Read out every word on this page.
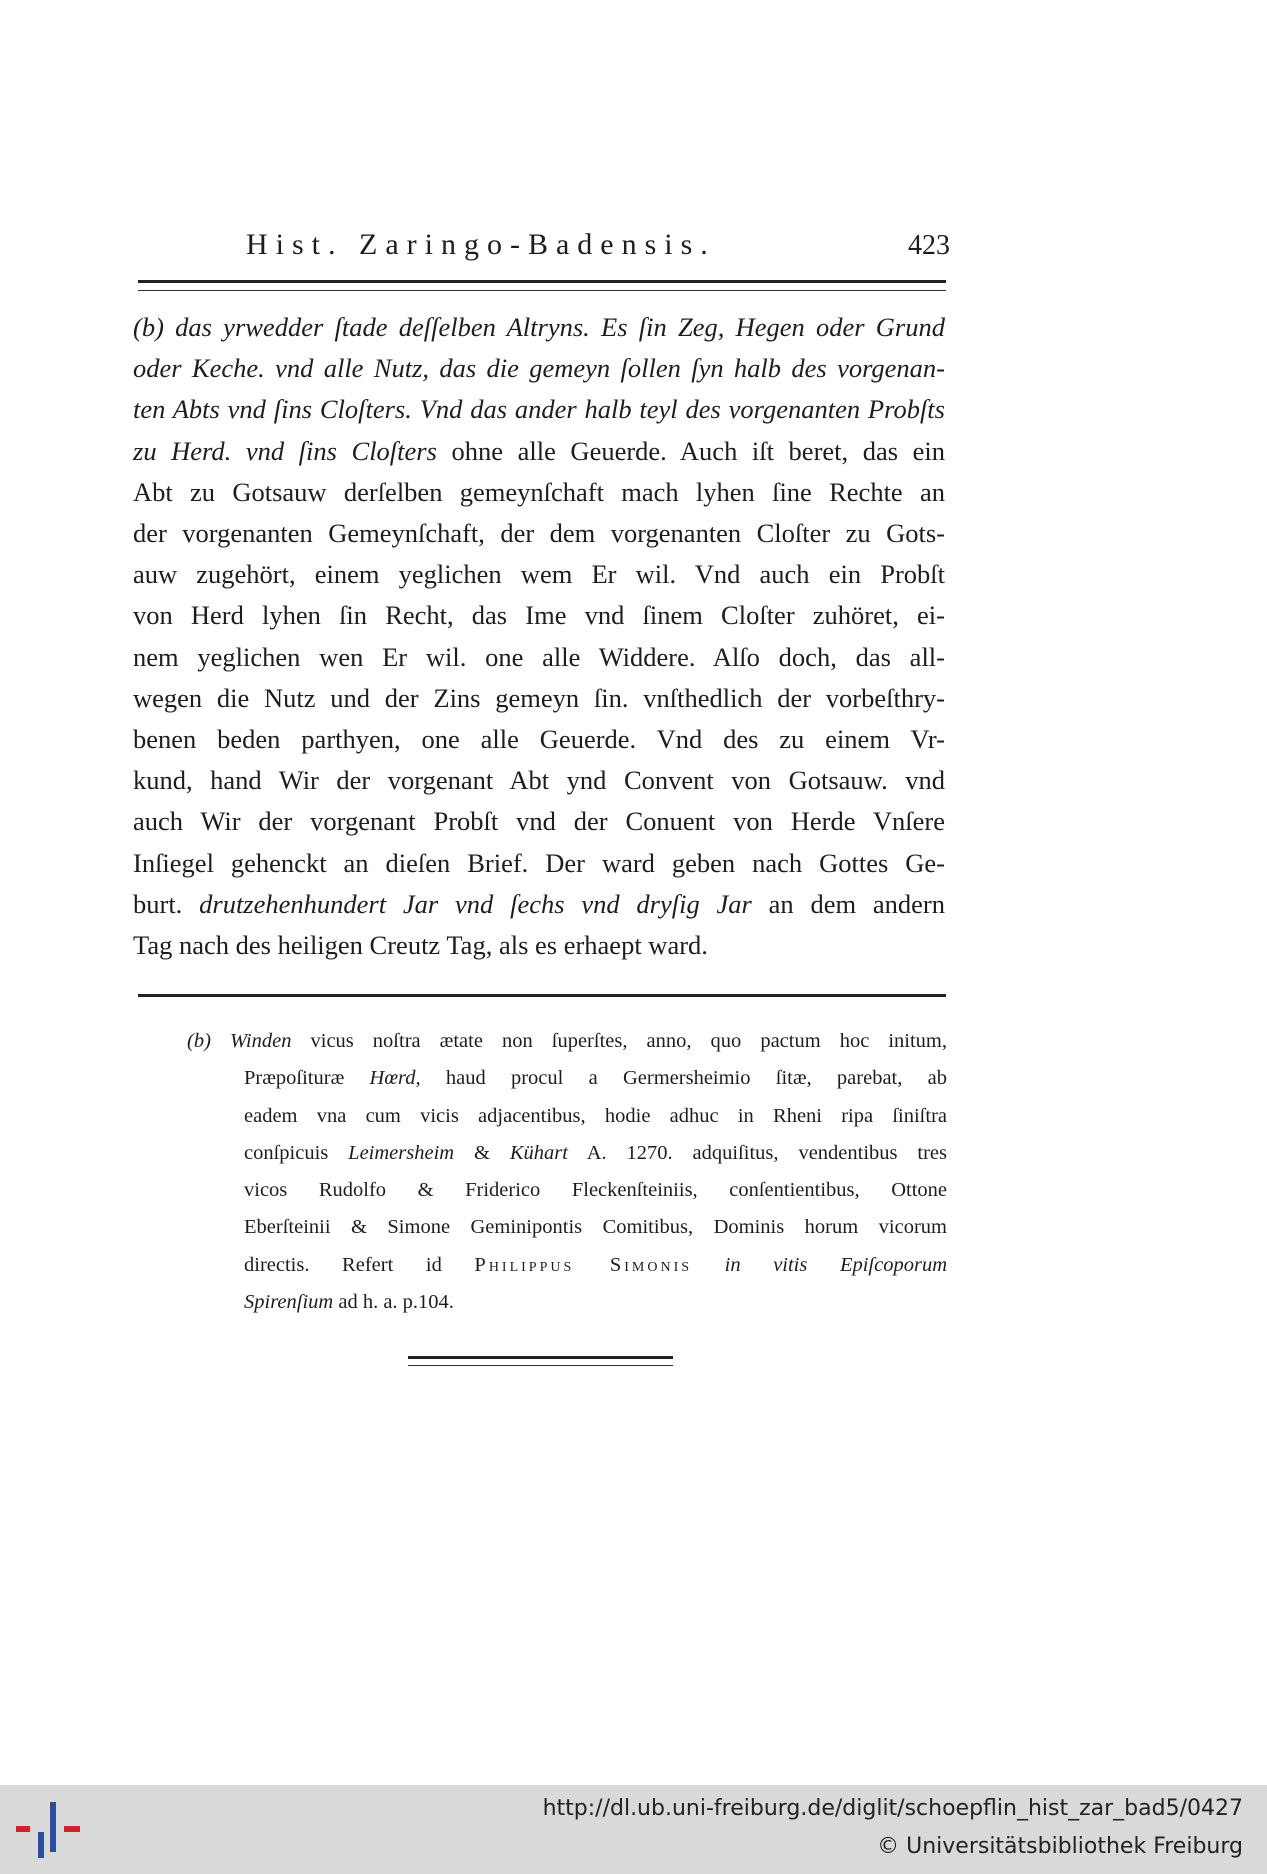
Hist. Zaringo-Badensis.	423
(b) das yrwedder ſtade deſſelben Altryns. Es ſin Zeg, Hegen oder Grund
oder Keche. vnd alle Nutz, das die gemeyn ſollen ſyn halb des vorgenan-
ten Abts vnd ſins Cloſters. Vnd das ander halb teyl des vorgenanten Probſts
zu Herd. vnd ſins Cloſters ohne alle Geuerde. Auch iſt beret, das ein
Abt zu Gotsauw derſelben gemeynſchaft mach lyhen ſine Rechte an
der vorgenanten Gemeynſchaft, der dem vorgenanten Cloſter zu Gots-
auw zugehört, einem yeglichen wem Er wil. Vnd auch ein Probſt
von Herd lyhen ſin Recht, das Ime vnd ſinem Cloſter zuhöret, ei-
nem yeglichen wen Er wil. one alle Widdere. Alſo doch, das all-
wegen die Nutz und der Zins gemeyn ſin. vnſthedlich der vorbeſthry-
benen beden parthyen, one alle Geuerde. Vnd des zu einem Vr-
kund, hand Wir der vorgenant Abt ynd Convent von Gotsauw. vnd
auch Wir der vorgenant Probſt vnd der Conuent von Herde Vnſere
Inſiegel gehenckt an dieſen Brief. Der ward geben nach Gottes Ge-
burt. drutzehenhundert Jar vnd ſechs vnd dryſig Jar an dem andern
Tag nach des heiligen Creutz Tag, als es erhaept ward.
(b) Winden vicus noſtra ætate non ſuperſtes, anno, quo pactum hoc initum,
Præpoſituræ Hœrd, haud procul a Germersheimio ſitæ, parebat, ab
eadem vna cum vicis adjacentibus, hodie adhuc in Rheni ripa ſiniſtra
conſpicuis Leimersheim & Kühart A. 1270. adquiſitus, vendentibus tres
vicos Rudolfo & Friderico Fleckenſteiniis, conſentientibus, Ottone
Eberſteinii & Simone Geminipontis Comitibus, Dominis horum vicorum
directis. Refert id Philippus Simonis in vitis Epiſcoporum
Spirenſium ad h. a. p.104.
http://dl.ub.uni-freiburg.de/diglit/schoepflin_hist_zar_bad5/0427
© Universitätsbibliothek Freiburg
